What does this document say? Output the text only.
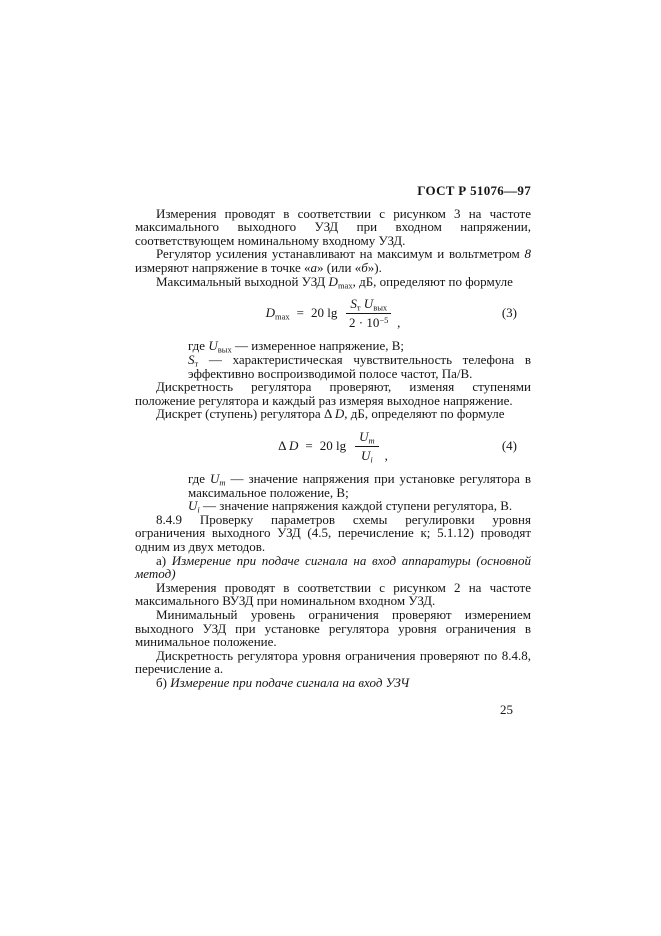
ГОСТ Р 51076—97

Измерения проводят в соответствии с рисунком 3 на частоте максимального выходного УЗД при входном напряжении, соответствующем номинальному входному УЗД.

Регулятор усиления устанавливают на максимум и вольтметром 8 измеряют напряжение в точке «а» (или «б»).

Максимальный выходной УЗД $D_{max}$, дБ, определяют по формуле

$D_{max} = 20$ $\lg \frac{S_т U_{вых}}{2 \cdot 10^{-5}}$ ,
(3)

где $U_{вых}$ — измеренное напряжение, В;

$S_т$ — характеристическая чувствительность телефона в эффективно воспроизводимой полосе частот, Па/В.

Дискретность регулятора проверяют, изменяя ступенями положение регулятора и каждый раз измеряя выходное напряжение.

Дискрет (ступень) регулятора Δ D, дБ, определяют по формуле

Δ D = 20 $\lg \frac{U_m}{U_i}$ ,
(4)

где $U_m$ — значение напряжения при установке регулятора в максимальное положение, В;

$U_i$ — значение напряжения каждой ступени регулятора, В.

8.4.9 Проверку параметров схемы регулировки уровня ограничения выходного УЗД (4.5, перечисление к; 5.1.12) проводят одним из двух методов.

а) Измерение при подаче сигнала на вход аппаратуры (основной метод)

Измерения проводят в соответствии с рисунком 2 на частоте максимального ВУЗД при номинальном входном УЗД.

Минимальный уровень ограничения проверяют измерением выходного УЗД при установке регулятора уровня ограничения в минимальное положение.

Дискретность регулятора уровня ограничения проверяют по 8.4.8, перечисление а.

б) Измерение при подаче сигнала на вход УЗЧ

25
